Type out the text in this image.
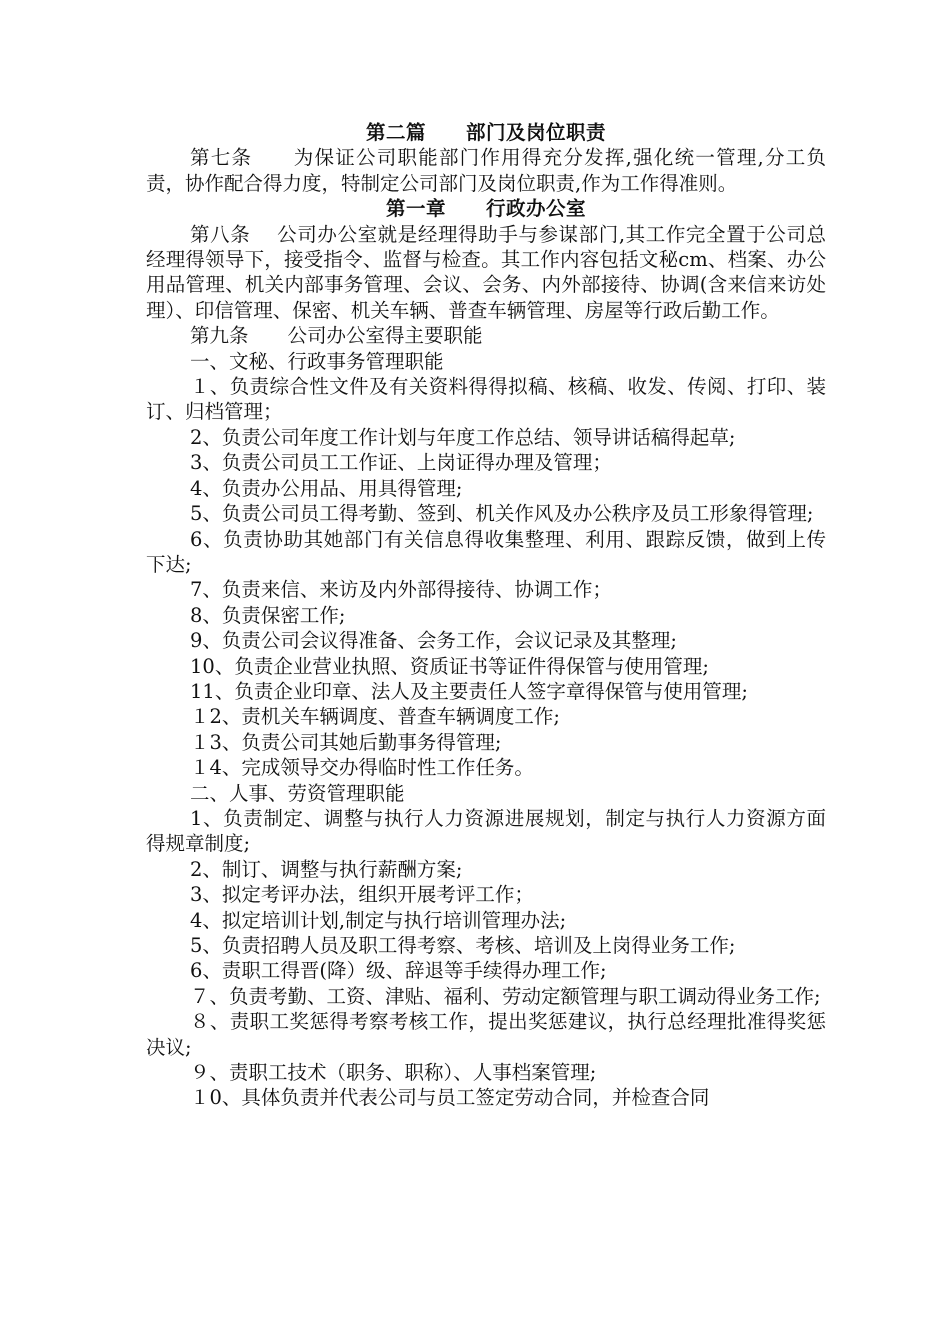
第二篇　　部门及岗位职责
第七条　　为保证公司职能部门作用得充分发挥,强化统一管理,分工负责，协作配合得力度，特制定公司部门及岗位职责,作为工作得准则。
第一章　　行政办公室
第八条　 公司办公室就是经理得助手与参谋部门,其工作完全置于公司总经理得领导下，接受指令、监督与检查。其工作内容包括文秘cm、档案、办公用品管理、机关内部事务管理、会议、会务、内外部接待、协调(含来信来访处理）、印信管理、保密、机关车辆、普查车辆管理、房屋等行政后勤工作。
第九条　　公司办公室得主要职能
一、文秘、行政事务管理职能
１、负责综合性文件及有关资料得得拟稿、核稿、收发、传阅、打印、装订、归档管理；
2、负责公司年度工作计划与年度工作总结、领导讲话稿得起草;
3、负责公司员工工作证、上岗证得办理及管理；
4、负责办公用品、用具得管理;
5、负责公司员工得考勤、签到、机关作风及办公秩序及员工形象得管理;
6、负责协助其她部门有关信息得收集整理、利用、跟踪反馈，做到上传下达;
7、负责来信、来访及内外部得接待、协调工作；
8、负责保密工作;
9、负责公司会议得准备、会务工作，会议记录及其整理;
10、负责企业营业执照、资质证书等证件得保管与使用管理;
11、负责企业印章、法人及主要责任人签字章得保管与使用管理;
１2、责机关车辆调度、普查车辆调度工作;
１3、负责公司其她后勤事务得管理;
１4、完成领导交办得临时性工作任务。
二、人事、劳资管理职能
1、负责制定、调整与执行人力资源进展规划，制定与执行人力资源方面得规章制度;
2、制订、调整与执行薪酬方案;
3、拟定考评办法，组织开展考评工作；
4、拟定培训计划,制定与执行培训管理办法;
5、负责招聘人员及职工得考察、考核、培训及上岗得业务工作;
6、责职工得晋(降）级、辞退等手续得办理工作;
７、负责考勤、工资、津贴、福利、劳动定额管理与职工调动得业务工作;
８、责职工奖惩得考察考核工作，提出奖惩建议，执行总经理批准得奖惩决议;
９、责职工技术（职务、职称）、人事档案管理;
１0、具体负责并代表公司与员工签定劳动合同，并检查合同
